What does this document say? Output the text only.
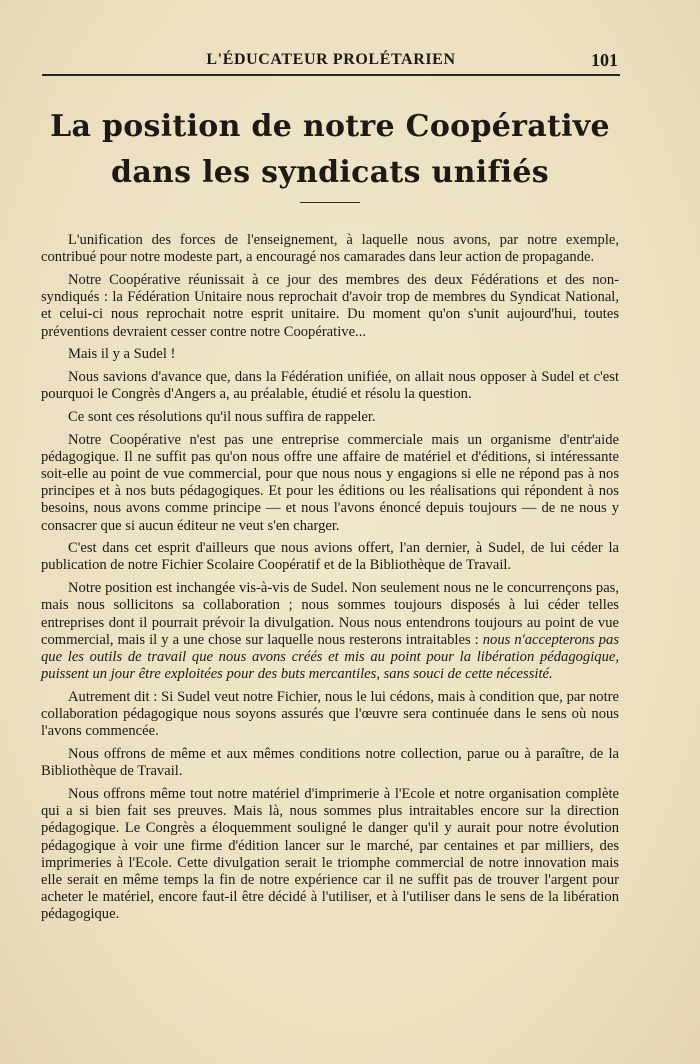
L'ÉDUCATEUR PROLÉTARIEN	101
La position de notre Coopérative
dans les syndicats unifiés

L'unification des forces de l'enseignement, à laquelle nous avons, par notre exemple, contribué pour notre modeste part, a encouragé nos camarades dans leur action de propagande.

Notre Coopérative réunissait à ce jour des membres des deux Fédérations et des non-syndiqués : la Fédération Unitaire nous reprochait d'avoir trop de membres du Syndicat National, et celui-ci nous reprochait notre esprit unitaire. Du moment qu'on s'unit aujourd'hui, toutes préventions devraient cesser contre notre Coopérative...

Mais il y a Sudel !

Nous savions d'avance que, dans la Fédération unifiée, on allait nous opposer à Sudel et c'est pourquoi le Congrès d'Angers a, au préalable, étudié et résolu la question.

Ce sont ces résolutions qu'il nous suffira de rappeler.

Notre Coopérative n'est pas une entreprise commerciale mais un organisme d'entr'aide pédagogique. Il ne suffit pas qu'on nous offre une affaire de matériel et d'éditions, si intéressante soit-elle au point de vue commercial, pour que nous nous y engagions si elle ne répond pas à nos principes et à nos buts pédagogiques. Et pour les éditions ou les réalisations qui répondent à nos besoins, nous avons comme principe — et nous l'avons énoncé depuis toujours — de ne nous y consacrer que si aucun éditeur ne veut s'en charger.

C'est dans cet esprit d'ailleurs que nous avions offert, l'an dernier, à Sudel, de lui céder la publication de notre Fichier Scolaire Coopératif et de la Bibliothèque de Travail.

Notre position est inchangée vis-à-vis de Sudel. Non seulement nous ne le concurrençons pas, mais nous sollicitons sa collaboration ; nous sommes toujours disposés à lui céder telles entreprises dont il pourrait prévoir la divulgation. Nous nous entendrons toujours au point de vue commercial, mais il y a une chose sur laquelle nous resterons intraitables : nous n'accepterons pas que les outils de travail que nous avons créés et mis au point pour la libération pédagogique, puissent un jour être exploitées pour des buts mercantiles, sans souci de cette nécessité.

Autrement dit : Si Sudel veut notre Fichier, nous le lui cédons, mais à condition que, par notre collaboration pédagogique nous soyons assurés que l'œuvre sera continuée dans le sens où nous l'avons commencée.

Nous offrons de même et aux mêmes conditions notre collection, parue ou à paraître, de la Bibliothèque de Travail.

Nous offrons même tout notre matériel d'imprimerie à l'Ecole et notre organisation complète qui a si bien fait ses preuves. Mais là, nous sommes plus intraitables encore sur la direction pédagogique. Le Congrès a éloquemment souligné le danger qu'il y aurait pour notre évolution pédagogique à voir une firme d'édition lancer sur le marché, par centaines et par milliers, des imprimeries à l'Ecole. Cette divulgation serait le triomphe commercial de notre innovation mais elle serait en même temps la fin de notre expérience car il ne suffit pas de trouver l'argent pour acheter le matériel, encore faut-il être décidé à l'utiliser, et à l'utiliser dans le sens de la libération pédagogique.
